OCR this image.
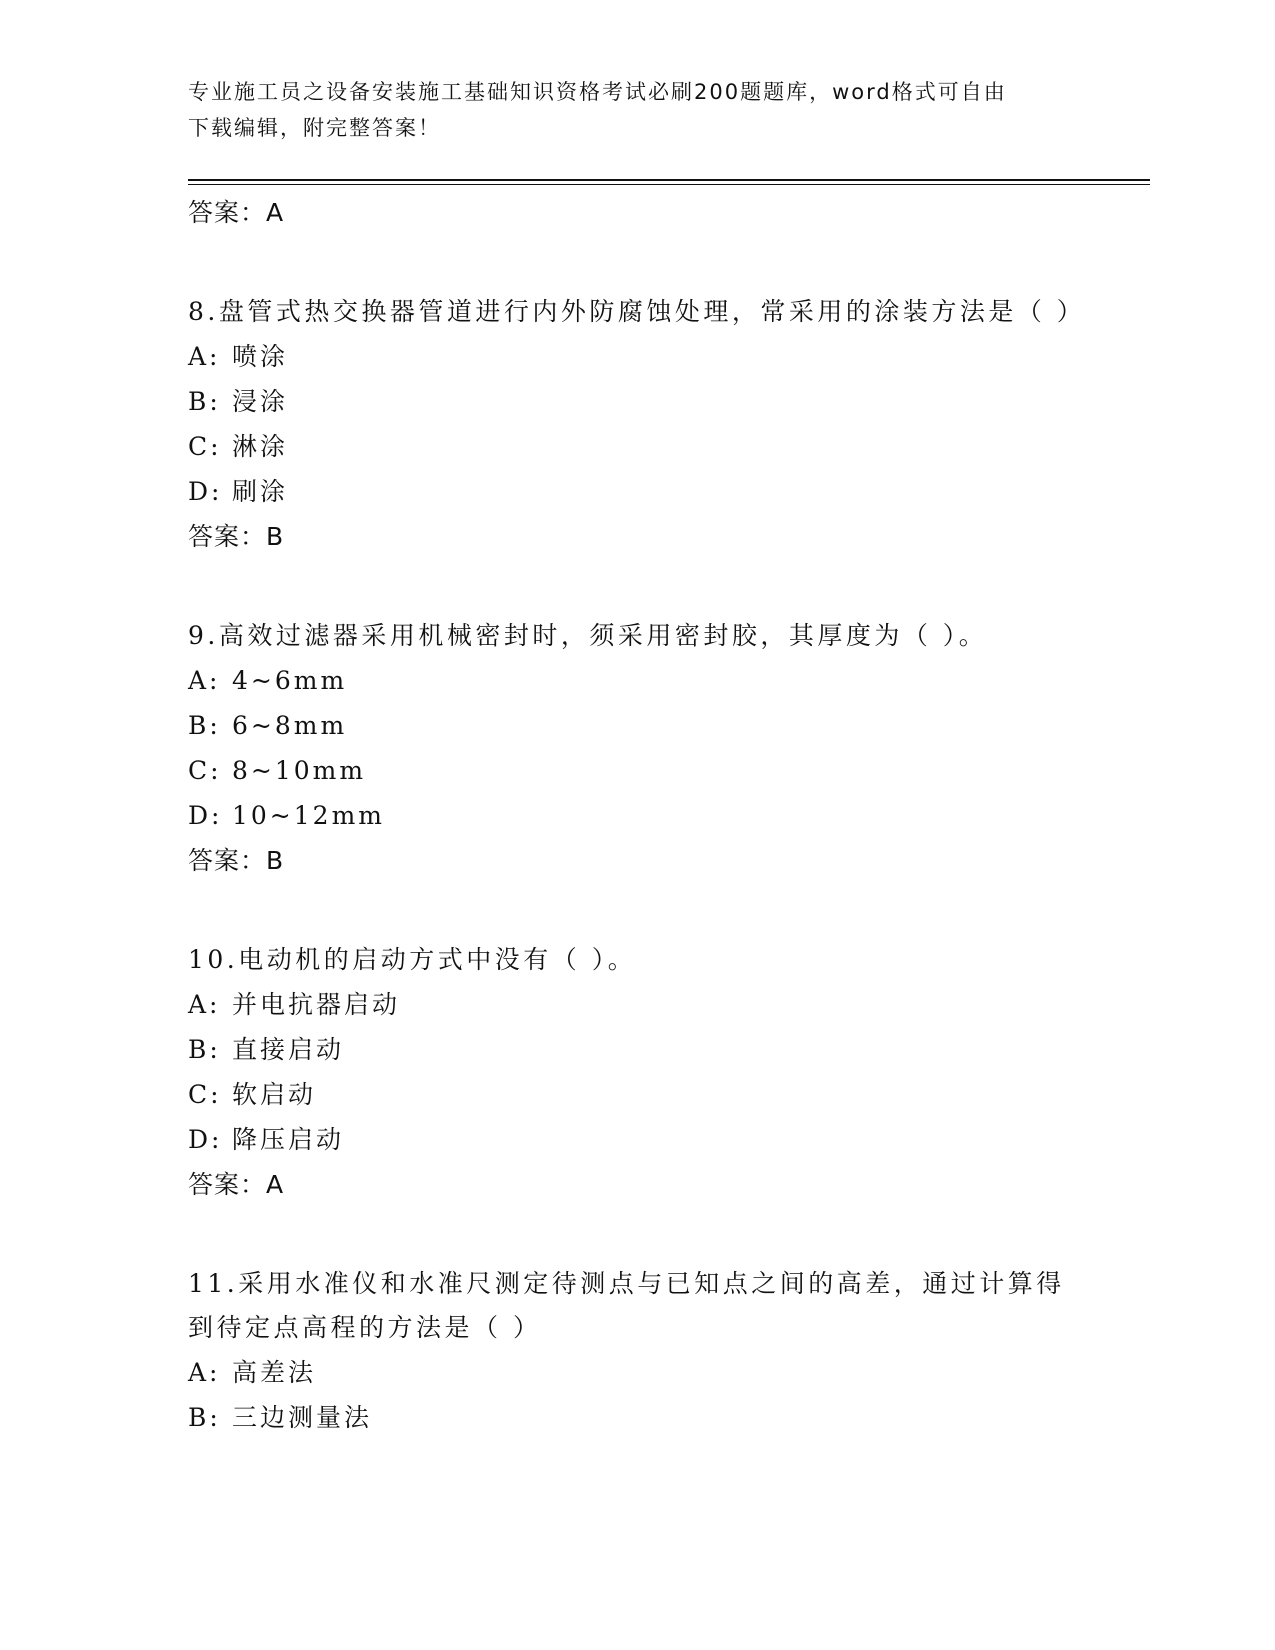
专业施工员之设备安装施工基础知识资格考试必刷200题题库，word格式可自由
下载编辑，附完整答案！
答案：A
8.盘管式热交换器管道进行内外防腐蚀处理，常采用的涂装方法是（ ）
A: 喷涂
B: 浸涂
C: 淋涂
D: 刷涂
答案：B
9.高效过滤器采用机械密封时，须采用密封胶，其厚度为（ ）。
A: 4~6mm
B: 6~8mm
C: 8~10mm
D: 10~12mm
答案：B
10.电动机的启动方式中没有（ ）。
A: 并电抗器启动
B: 直接启动
C: 软启动
D: 降压启动
答案：A
11.采用水准仪和水准尺测定待测点与已知点之间的高差，通过计算得到待定点高程的方法是（ ）
A: 高差法
B: 三边测量法
